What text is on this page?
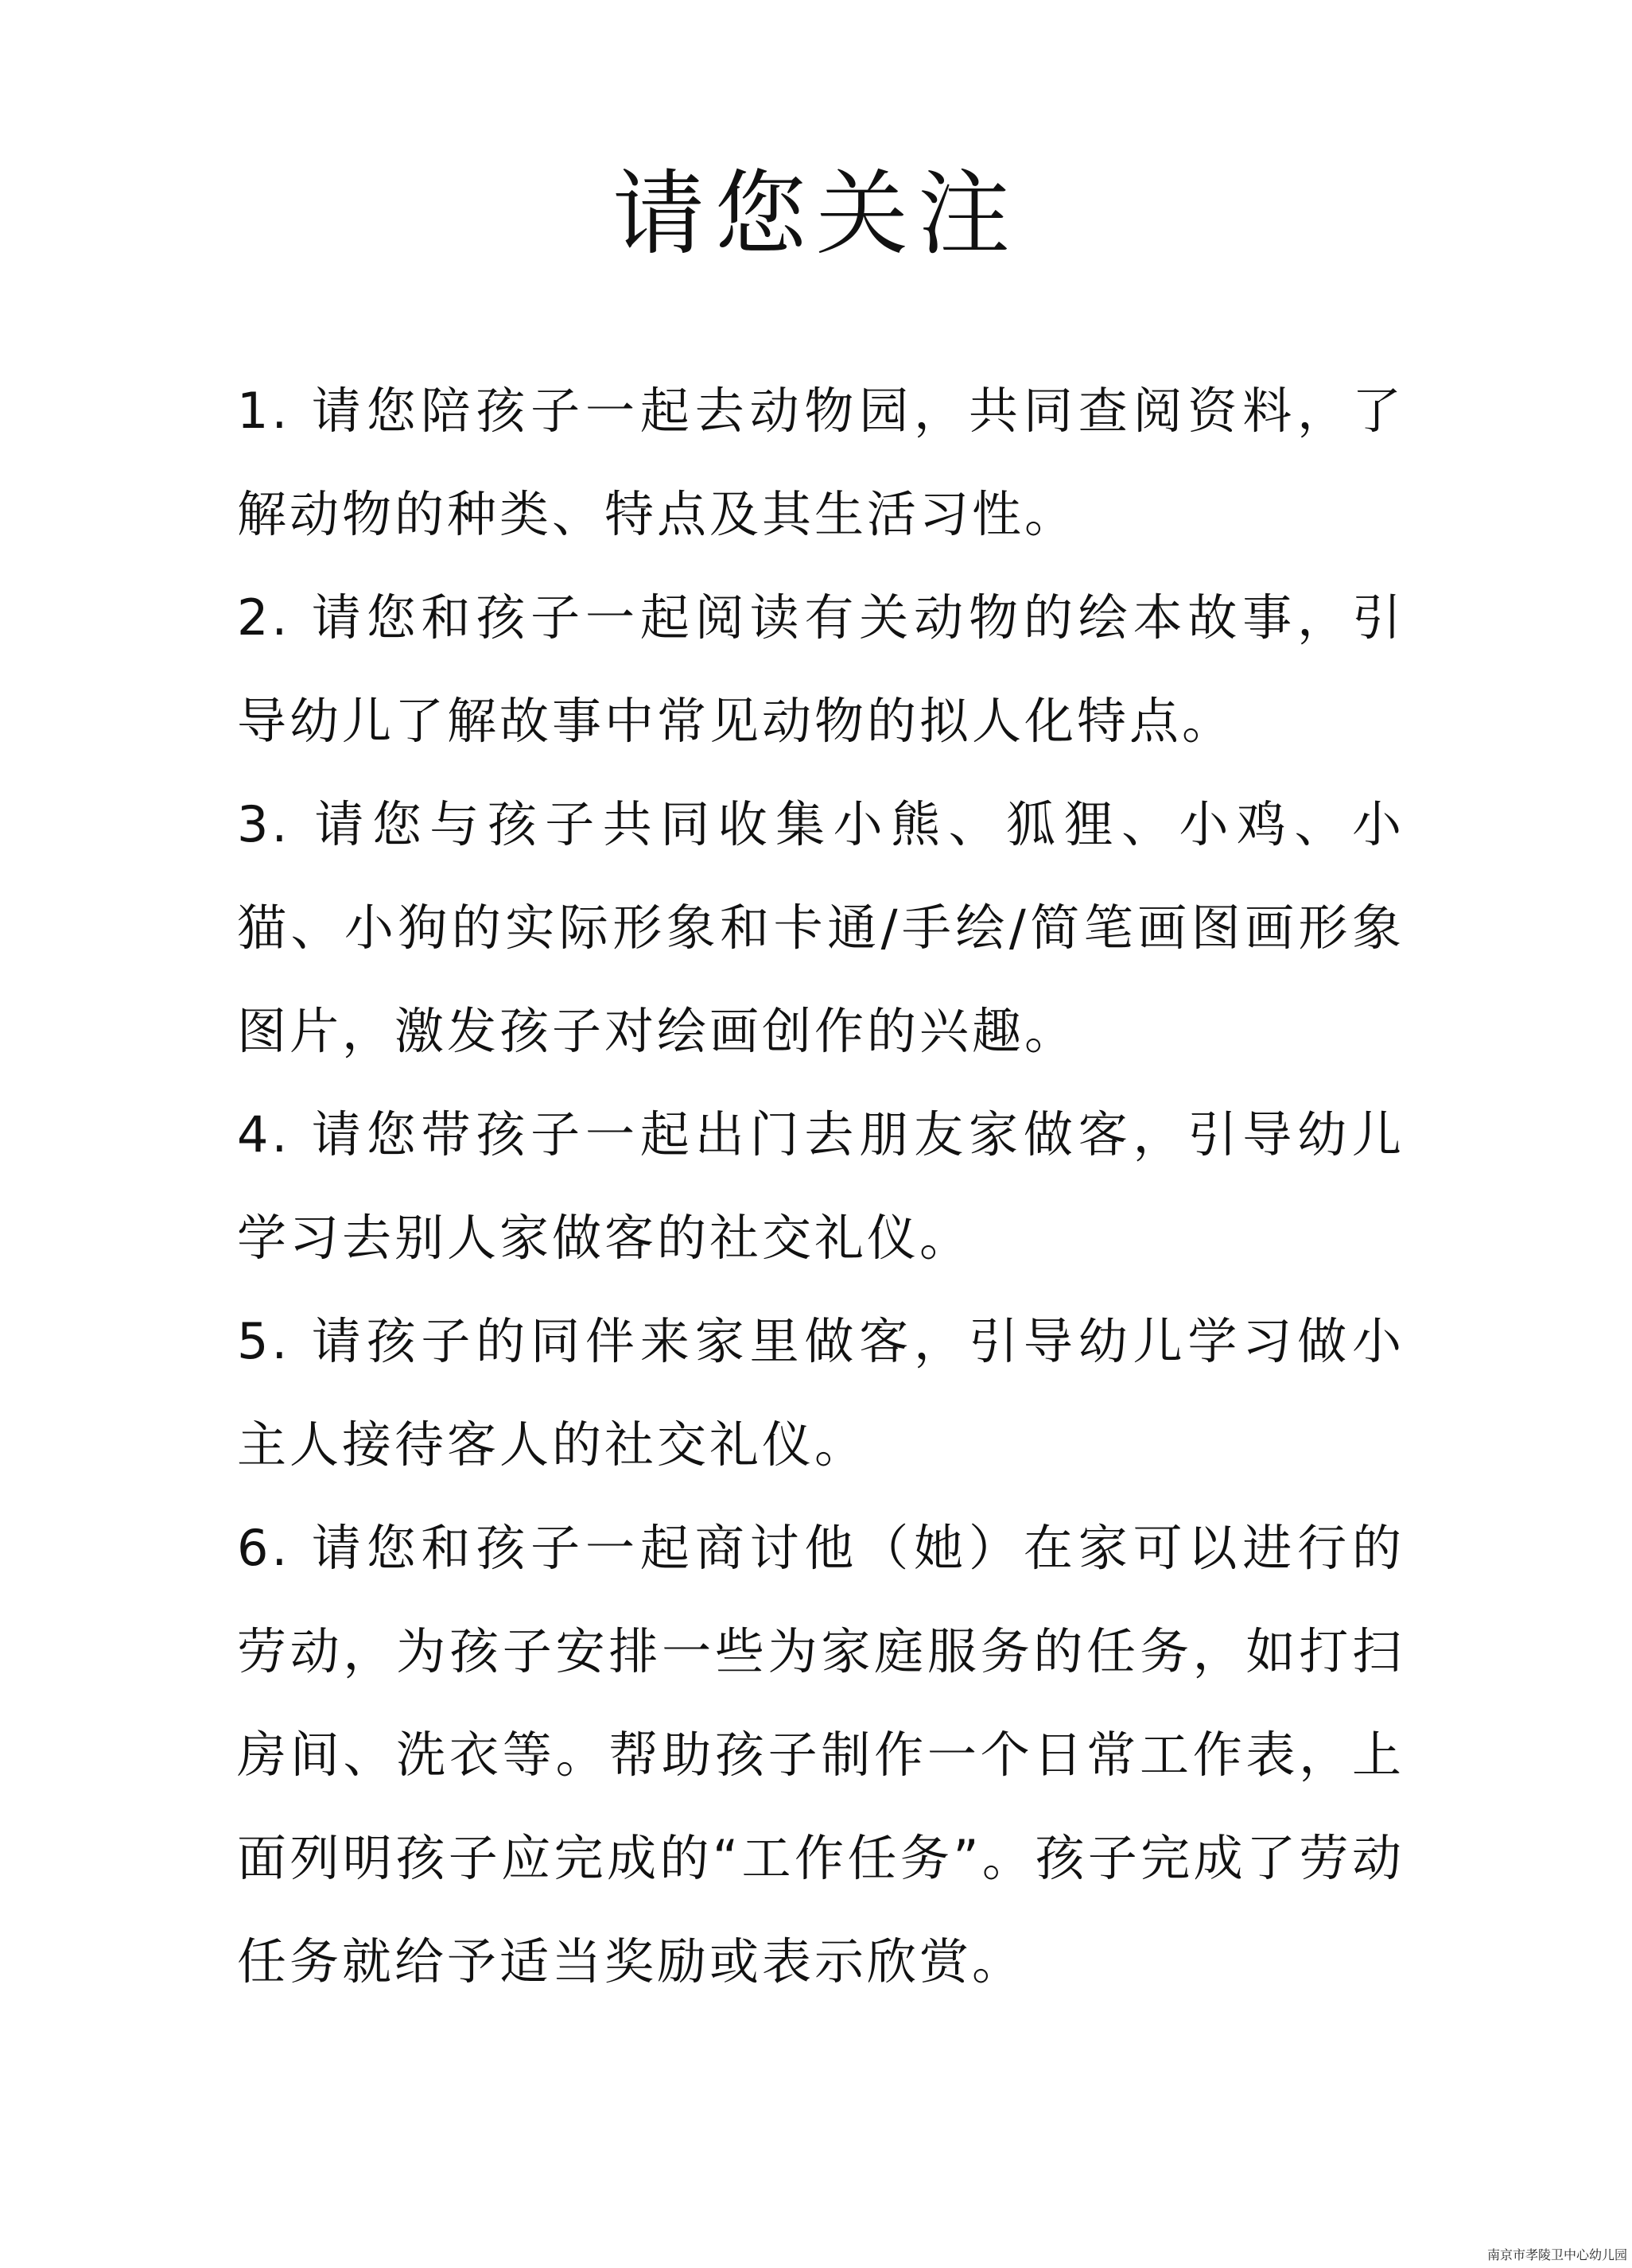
请您关注
1. 请您陪孩子一起去动物园，共同查阅资料，了解动物的种类、特点及其生活习性。
2. 请您和孩子一起阅读有关动物的绘本故事，引导幼儿了解故事中常见动物的拟人化特点。
3. 请您与孩子共同收集小熊、狐狸、小鸡、小猫、小狗的实际形象和卡通/手绘/简笔画图画形象图片，激发孩子对绘画创作的兴趣。
4. 请您带孩子一起出门去朋友家做客，引导幼儿学习去别人家做客的社交礼仪。
5. 请孩子的同伴来家里做客，引导幼儿学习做小主人接待客人的社交礼仪。
6. 请您和孩子一起商讨他（她）在家可以进行的劳动，为孩子安排一些为家庭服务的任务，如打扫房间、洗衣等。帮助孩子制作一个日常工作表，上面列明孩子应完成的“工作任务”。孩子完成了劳动任务就给予适当奖励或表示欣赏。
南京市孝陵卫中心幼儿园
